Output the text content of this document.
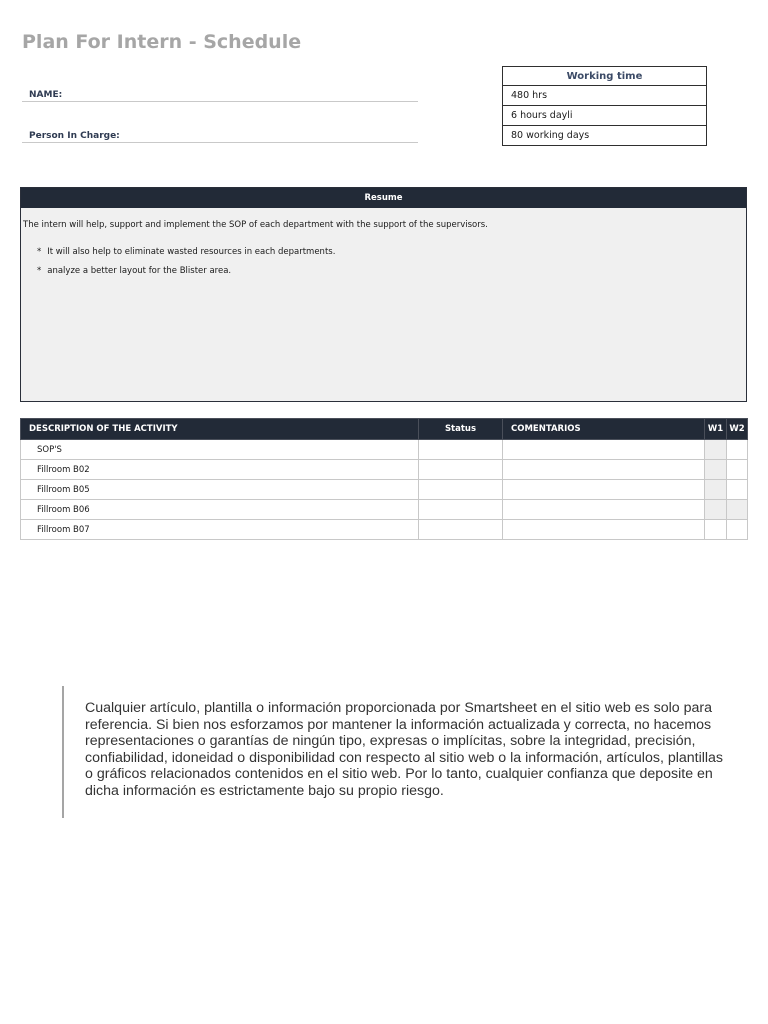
Plan For Intern - Schedule
NAME:
Person In Charge:
Working time
480 hrs
6 hours dayli
80 working days
Resume
The intern will help, support and implement the SOP of each department with the support of the supervisors.
* It will also help to eliminate wasted resources in each departments.
* analyze a better layout for the Blister area.
DESCRIPTION OF THE ACTIVITY	Status	COMENTARIOS	W1	W2
SOP'S				
Fillroom B02				
Fillroom B05				
Fillroom B06				
Fillroom B07				
Cualquier artículo, plantilla o información proporcionada por Smartsheet en el sitio web es solo para referencia. Si bien nos esforzamos por mantener la información actualizada y correcta, no hacemos representaciones o garantías de ningún tipo, expresas o implícitas, sobre la integridad, precisión, confiabilidad, idoneidad o disponibilidad con respecto al sitio web o la información, artículos, plantillas o gráficos relacionados contenidos en el sitio web. Por lo tanto, cualquier confianza que deposite en dicha información es estrictamente bajo su propio riesgo.
